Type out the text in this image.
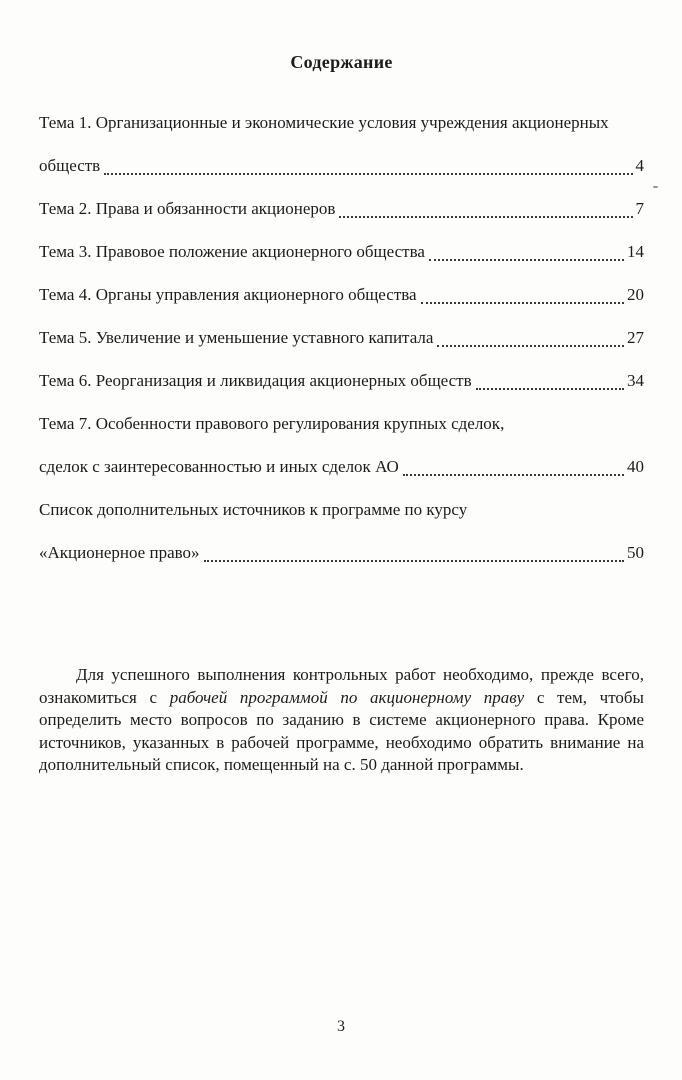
Содержание
Тема 1. Организационные и экономические условия учреждения акционерных
обществ	4
Тема 2. Права и обязанности акционеров	7
Тема 3. Правовое положение акционерного общества	14
Тема 4. Органы управления акционерного общества	20
Тема 5. Увеличение и уменьшение уставного капитала	27
Тема 6. Реорганизация и ликвидация акционерных обществ	34
Тема 7. Особенности правового регулирования крупных сделок,
сделок с заинтересованностью и иных сделок АО	40
Список дополнительных источников к программе по курсу
«Акционерное право»	50

Для успешного выполнения контрольных работ необходимо, прежде всего, ознакомиться с рабочей программой по акционерному праву с тем, чтобы определить место вопросов по заданию в системе акционерного права. Кроме источников, указанных в рабочей программе, необходимо обратить внимание на дополнительный список, помещенный на с. 50 данной программы.

3
